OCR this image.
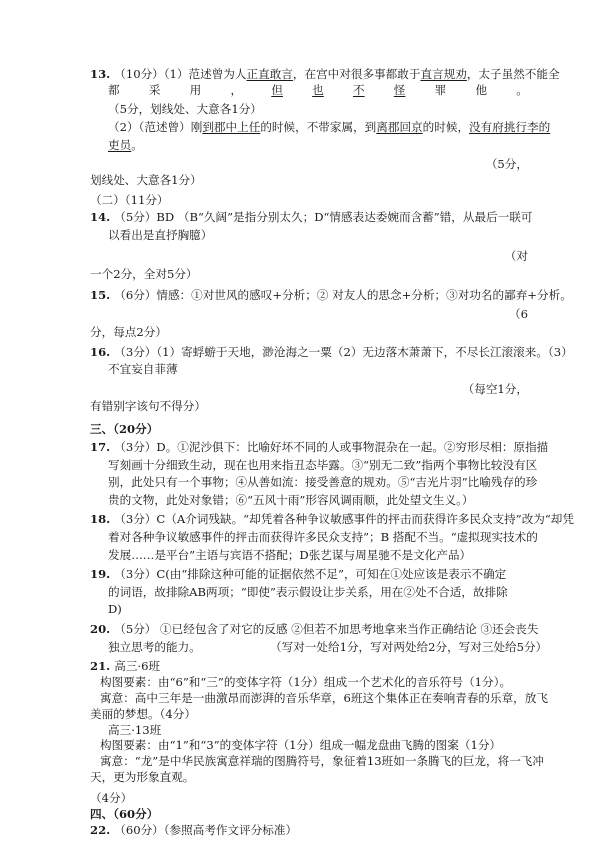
13. （10分）（1）范述曾为人正直敢言，在宫中对很多事都敢于直言规劝，太子虽然不能全
都	采	用	，	但	也	不	怪	罪	他	。
（5分，划线处、大意各1分）
（2）（范述曾）刚到郡中上任的时候，不带家属，到离郡回京的时候，没有府挑行李的
吏员。
（5分，
划线处、大意各1分）
（二）（11分）
14. （5分）BD （B“久阔”是指分别太久；D“情感表达委婉而含蓄”错，从最后一联可
以看出是直抒胸臆）
（对
一个2分，全对5分）
15. （6分）情感：①对世风的感叹+分析；② 对友人的思念+分析；③对功名的鄙弃+分析。
（6
分，每点2分）
16. （3分）（1）寄蜉蝣于天地，渺沧海之一粟（2）无边落木萧萧下，不尽长江滚滚来。（3）
不宜妄自菲薄
（每空1分，
有错别字该句不得分）
三、（20分）
17. （3分）D。①泥沙俱下：比喻好坏不同的人或事物混杂在一起。②穷形尽相：原指描
写刻画十分细致生动，现在也用来指丑态毕露。③“别无二致”指两个事物比较没有区
别，此处只有一个事物；④从善如流：接受善意的规劝。⑤“吉光片羽”比喻残存的珍
贵的文物，此处对象错；⑥“五风十雨”形容风调雨顺，此处望文生义。）
18. （3分）C（A介词残缺。“却凭着各种争议敏感事件的抨击而获得许多民众支持”改为“却凭
着对各种争议敏感事件的抨击而获得许多民众支持”；B 搭配不当。“虚拟现实技术的
发展……是平台”主语与宾语不搭配；D张艺谋与周星驰不是文化产品）
19. （3分）C(由“排除这种可能的证据依然不足”，可知在①处应该是表示不确定
的词语，故排除AB两项；“即使”表示假设让步关系，用在②处不合适，故排除
D)
20. （5分） ①已经包含了对它的反感 ②但若不加思考地拿来当作正确结论 ③还会丧失
独立思考的能力。	（写对一处给1分，写对两处给2分，写对三处给5分）
21. 高三·6班
构图要素：由“6”和“三”的变体字符（1分）组成一个艺术化的音乐符号（1分）。
寓意：高中三年是一曲激昂而澎湃的音乐华章，6班这个集体正在奏响青春的乐章，放飞
美丽的梦想。（4分）
高三·13班
构图要素：由“1”和“3”的变体字符（1分）组成一幅龙盘曲飞腾的图案（1分）
寓意：“龙”是中华民族寓意祥瑞的图腾符号，象征着13班如一条腾飞的巨龙，将一飞冲
天，更为形象直观。
（4分）
四、（60分）
22. （60分）（参照高考作文评分标准）
